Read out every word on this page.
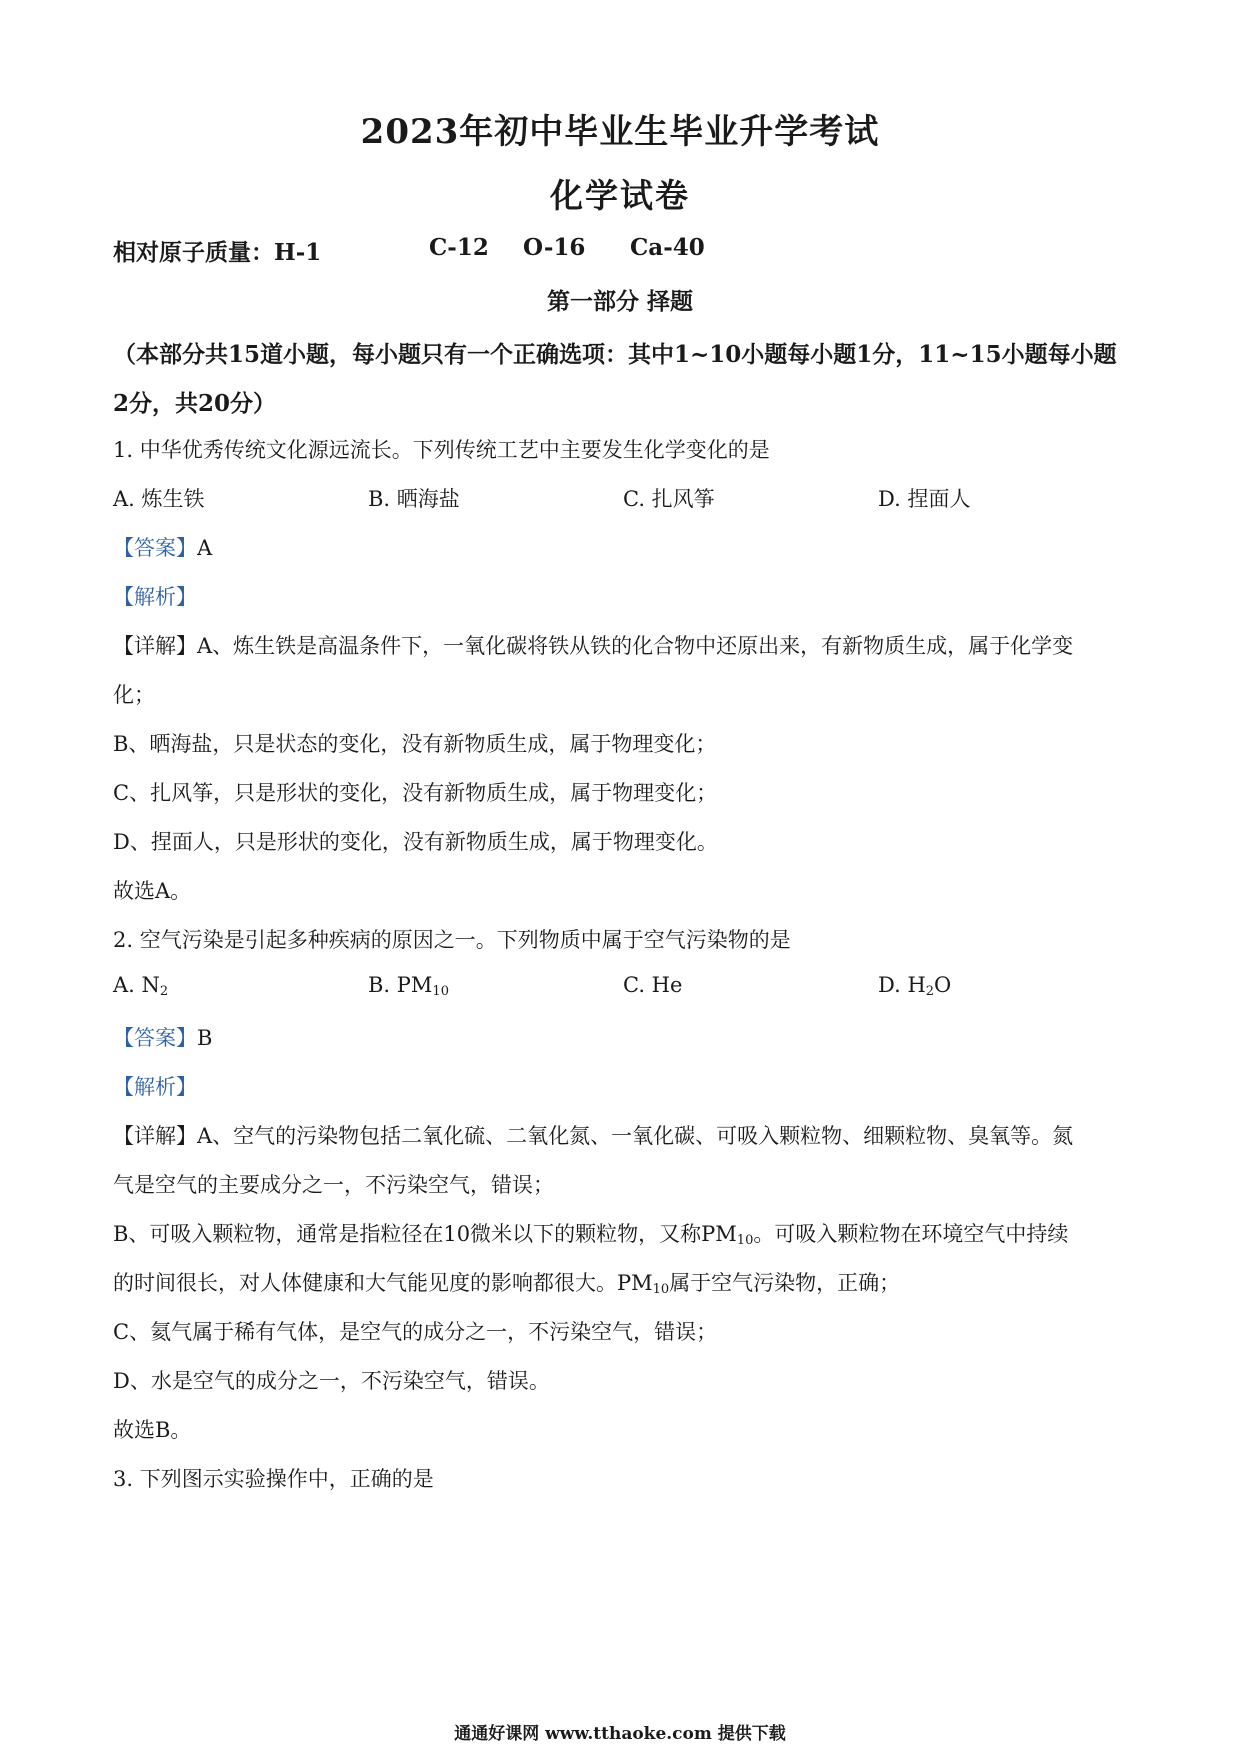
2023年初中毕业生毕业升学考试
化学试卷
相对原子质量：H-1	C-12 O-16 Ca-40
第一部分 择题
（本部分共15道小题，每小题只有一个正确选项：其中1~10小题每小题1分，11~15小题每小题2分，共20分）
1. 中华优秀传统文化源远流长。下列传统工艺中主要发生化学变化的是
A. 炼生铁	B. 晒海盐	C. 扎风筝	D. 捏面人
【答案】A
【解析】
【详解】A、炼生铁是高温条件下，一氧化碳将铁从铁的化合物中还原出来，有新物质生成，属于化学变
化；
B、晒海盐，只是状态的变化，没有新物质生成，属于物理变化；
C、扎风筝，只是形状的变化，没有新物质生成，属于物理变化；
D、捏面人，只是形状的变化，没有新物质生成，属于物理变化。
故选A。
2. 空气污染是引起多种疾病的原因之一。下列物质中属于空气污染物的是
A. $N_2$	B. $PM_{10}$	C. He	D. $H_2O$
【答案】B
【解析】
【详解】A、空气的污染物包括二氧化硫、二氧化氮、一氧化碳、可吸入颗粒物、细颗粒物、臭氧等。氮
气是空气的主要成分之一，不污染空气，错误；
B、可吸入颗粒物，通常是指粒径在10微米以下的颗粒物，又称$PM_{10}$。可吸入颗粒物在环境空气中持续
的时间很长，对人体健康和大气能见度的影响都很大。$PM_{10}$属于空气污染物，正确；
C、氦气属于稀有气体，是空气的成分之一，不污染空气，错误；
D、水是空气的成分之一，不污染空气，错误。
故选B。
3. 下列图示实验操作中，正确的是
通通好课网 www.tthaoke.com 提供下载
